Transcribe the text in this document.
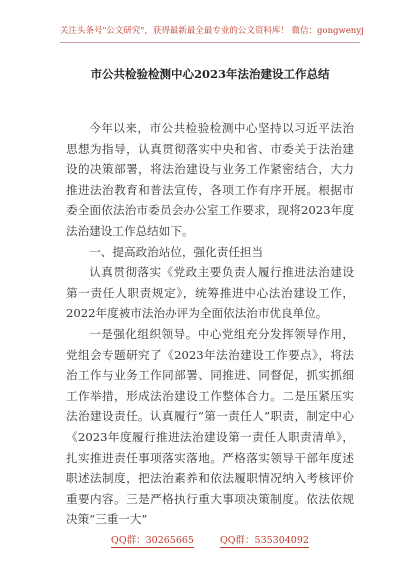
关注头条号"公文研究"，获得最新最全最专业的公文资料库！ 微信：gongwenyj
市公共检验检测中心2023年法治建设工作总结

今年以来，市公共检验检测中心坚持以习近平法治思想为指导，认真贯彻落实中央和省、市委关于法治建设的决策部署，将法治建设与业务工作紧密结合，大力推进法治教育和普法宣传，各项工作有序开展。根据市委全面依法治市委员会办公室工作要求，现将2023年度法治建设工作总结如下。

一、提高政治站位，强化责任担当

认真贯彻落实《党政主要负责人履行推进法治建设第一责任人职责规定》，统筹推进中心法治建设工作，2022年度被市法治办评为全面依法治市优良单位。

一是强化组织领导。中心党组充分发挥领导作用，党组会专题研究了《2023年法治建设工作要点》，将法治工作与业务工作同部署、同推进、同督促，抓实抓细工作举措，形成法治建设工作整体合力。二是压紧压实法治建设责任。认真履行“第一责任人”职责，制定中心《2023年度履行推进法治建设第一责任人职责清单》，扎实推进责任事项落实落地。严格落实领导干部年度述职述法制度，把法治素养和依法履职情况纳入考核评价重要内容。三是严格执行重大事项决策制度。依法依规决策“三重一大”

QQ群：30265665	QQ群：535304092
